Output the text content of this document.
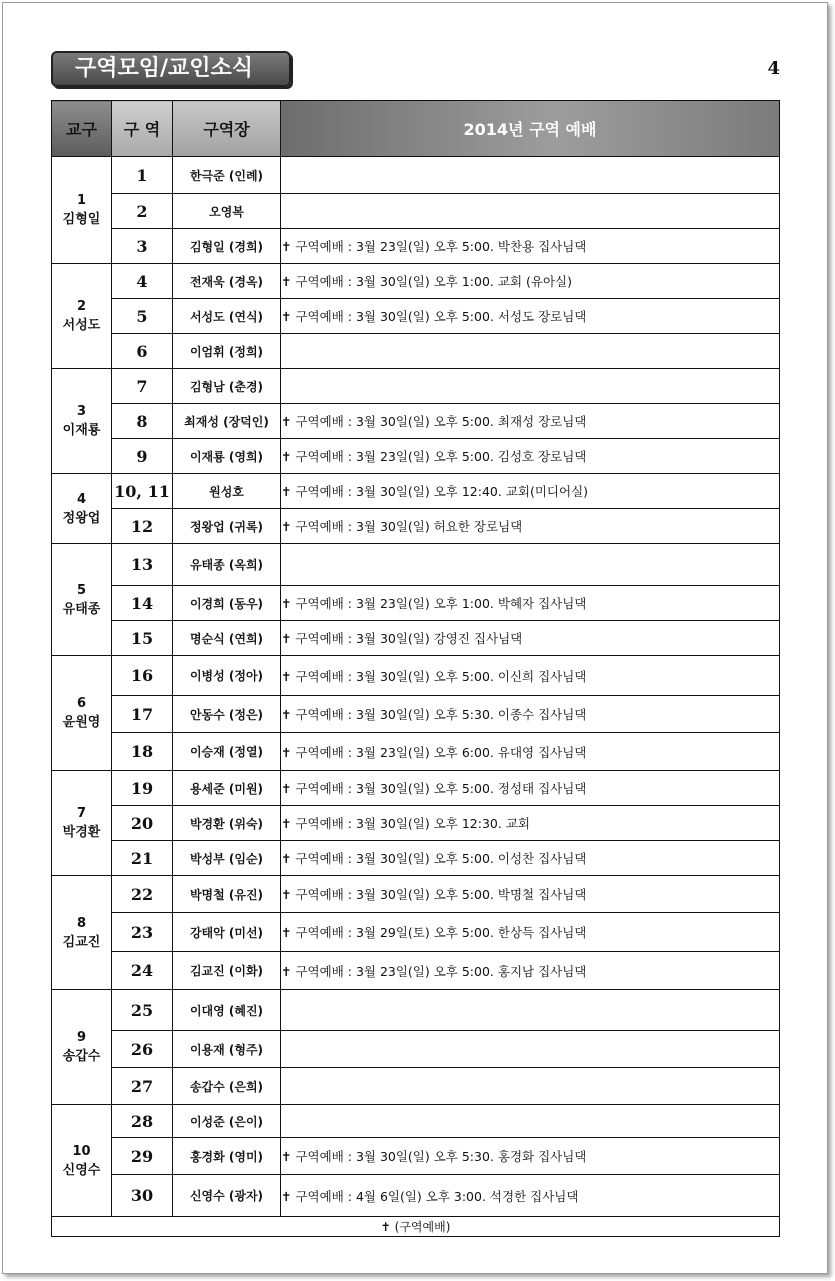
구역모임/교인소식	4
교구	구 역	구역장	2014년 구역 예배

1
김형일	1	한극준 (인례)	
	2	오영복	
	3	김형일 (경희)	✝ 구역예배 : 3월 23일(일) 오후 5:00. 박찬용 집사님댁

2
서성도	4	전재욱 (경옥)	✝ 구역예배 : 3월 30일(일) 오후 1:00. 교회 (유아실)
	5	서성도 (연식)	✝ 구역예배 : 3월 30일(일) 오후 5:00. 서성도 장로님댁
	6	이엄휘 (정희)	

3
이재룡	7	김형남 (춘경)	
	8	최재성 (장덕인)	✝ 구역예배 : 3월 30일(일) 오후 5:00. 최재성 장로님댁
	9	이재룡 (영희)	✝ 구역예배 : 3월 23일(일) 오후 5:00. 김성호 장로님댁

4
정왕업	10, 11	원성호	✝ 구역예배 : 3월 30일(일) 오후 12:40. 교회(미디어실)
	12	정왕업 (귀록)	✝ 구역예배 : 3월 30일(일) 허요한 장로님댁

5
유태종	13	유태종 (옥희)	
	14	이경희 (동우)	✝ 구역예배 : 3월 23일(일) 오후 1:00. 박혜자 집사님댁
	15	명순식 (연희)	✝ 구역예배 : 3월 30일(일) 강영진 집사님댁

6
윤원영	16	이병성 (정아)	✝ 구역예배 : 3월 30일(일) 오후 5:00. 이신희 집사님댁
	17	안동수 (정은)	✝ 구역예배 : 3월 30일(일) 오후 5:30. 이종수 집사님댁
	18	이승재 (정열)	✝ 구역예배 : 3월 23일(일) 오후 6:00. 유대영 집사님댁

7
박경환	19	용세준 (미원)	✝ 구역예배 : 3월 30일(일) 오후 5:00. 정성태 집사님댁
	20	박경환 (위숙)	✝ 구역예배 : 3월 30일(일) 오후 12:30. 교회
	21	박성부 (임순)	✝ 구역예배 : 3월 30일(일) 오후 5:00. 이성찬 집사님댁

8
김교진	22	박명철 (유진)	✝ 구역예배 : 3월 30일(일) 오후 5:00. 박명철 집사님댁
	23	강태악 (미선)	✝ 구역예배 : 3월 29일(토) 오후 5:00. 한상득 집사님댁
	24	김교진 (이화)	✝ 구역예배 : 3월 23일(일) 오후 5:00. 홍지남 집사님댁

9
송갑수	25	이대영 (혜진)	
	26	이용재 (형주)	
	27	송갑수 (은희)	

10
신영수	28	이성준 (은이)	
	29	홍경화 (영미)	✝ 구역예배 : 3월 30일(일) 오후 5:30. 홍경화 집사님댁
	30	신영수 (광자)	✝ 구역예배 : 4월 6일(일) 오후 3:00. 석경한 집사님댁
✝ (구역예배)			
